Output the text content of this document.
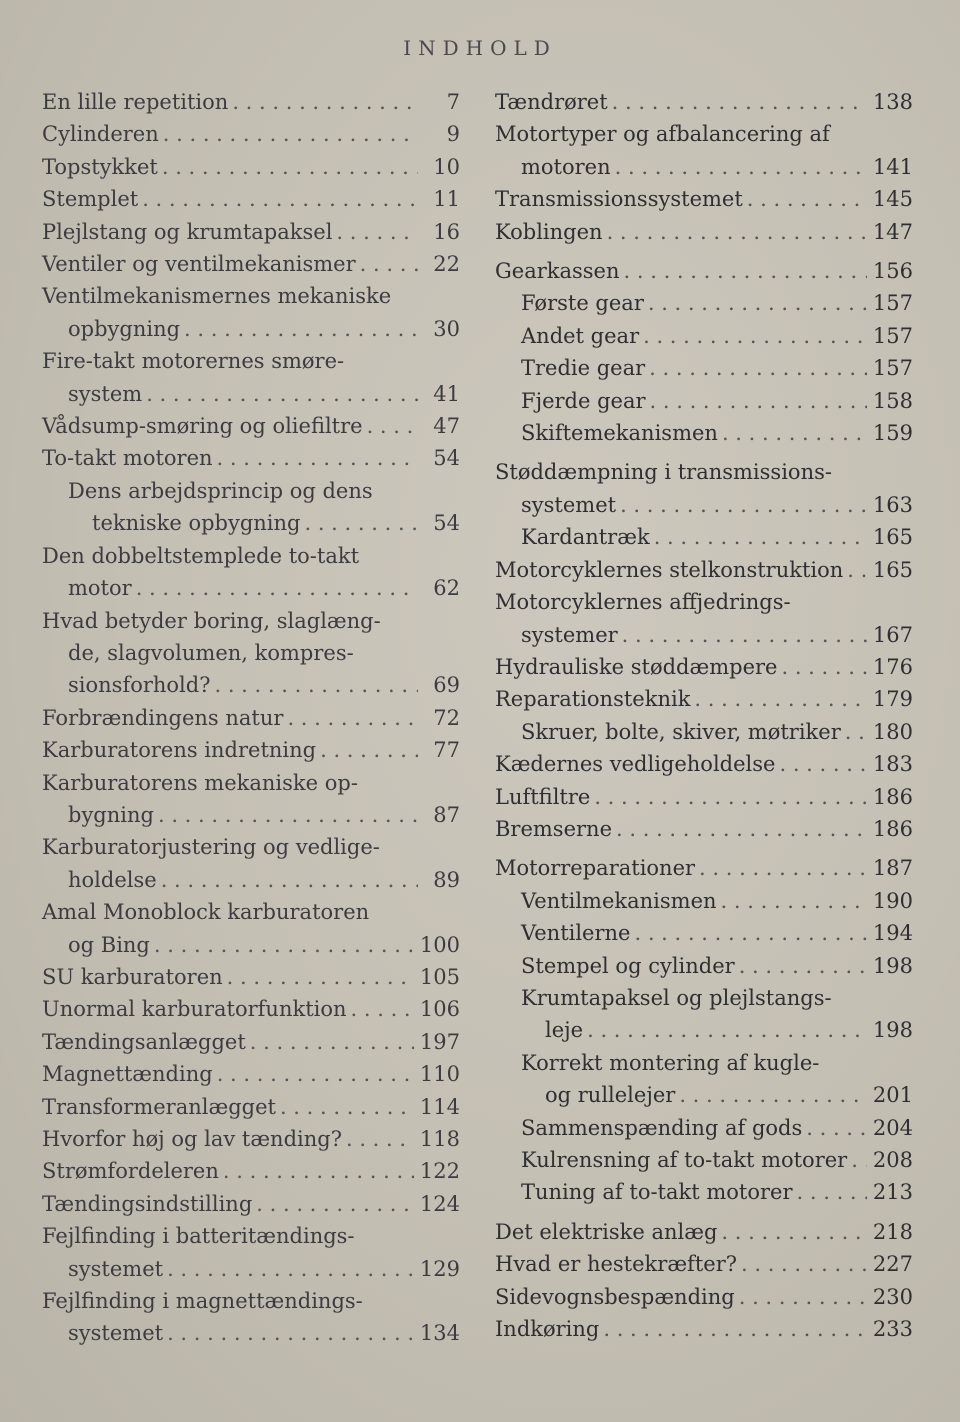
INDHOLD
En lille repetition . . .	7
Cylinderen . . .	9
Topstykket . . .	10
Stemplet . . .	11
Plejlstang og krumtapaksel . . .	16
Ventiler og ventilmekanismer . . .	22
Ventilmekanismernes mekaniske
opbygning . . .	30
Fire-takt motorernes smøre-
system . . .	41
Vådsump-smøring og oliefiltre . . .	47
To-takt motoren . . .	54
Dens arbejdsprincip og dens
tekniske opbygning . . .	54
Den dobbeltstemplede to-takt
motor . . .	62
Hvad betyder boring, slaglæng-
de, slagvolumen, kompres-
sionsforhold? . . .	69
Forbrændingens natur . . .	72
Karburatorens indretning . . .	77
Karburatorens mekaniske op-
bygning . . .	87
Karburatorjustering og vedlige-
holdelse . . .	89
Amal Monoblock karburatoren
og Bing . . .	100
SU karburatoren . . .	105
Unormal karburatorfunktion . . .	106
Tændingsanlægget . . .	197
Magnettænding . . .	110
Transformeranlægget . . .	114
Hvorfor høj og lav tænding? . . .	118
Strømfordeleren . . .	122
Tændingsindstilling . . .	124
Fejlfinding i batteritændings-
systemet . . .	129
Fejlfinding i magnettændings-
systemet . . .	134
Tændrøret . . .	138
Motortyper og afbalancering af
motoren . . .	141
Transmissionssystemet . . .	145
Koblingen . . .	147
Gearkassen . . .	156
Første gear . . .	157
Andet gear . . .	157
Tredie gear . . .	157
Fjerde gear . . .	158
Skiftemekanismen . . .	159
Støddæmpning i transmissions-
systemet . . .	163
Kardantræk . . .	165
Motorcyklernes stelkonstruktion . . . 165
Motorcyklernes affjedrings-
systemer . . .	167
Hydrauliske støddæmpere . . .	176
Reparationsteknik . . .	179
Skruer, bolte, skiver, møtriker . . . 180
Kædernes vedligeholdelse . . .	183
Luftfiltre . . .	186
Bremserne . . .	186
Motorreparationer . . .	187
Ventilmekanismen . . .	190
Ventilerne . . .	194
Stempel og cylinder . . .	198
Krumtapaksel og plejlstangs-
leje . . .	198
Korrekt montering af kugle-
og rullelejer . . .	201
Sammenspænding af gods . . .	204
Kulrensning af to-takt motorer . . . 208
Tuning af to-takt motorer . . .	213
Det elektriske anlæg . . .	218
Hvad er hestekræfter? . . .	227
Sidevognsbespænding . . .	230
Indkøring . . .	233
